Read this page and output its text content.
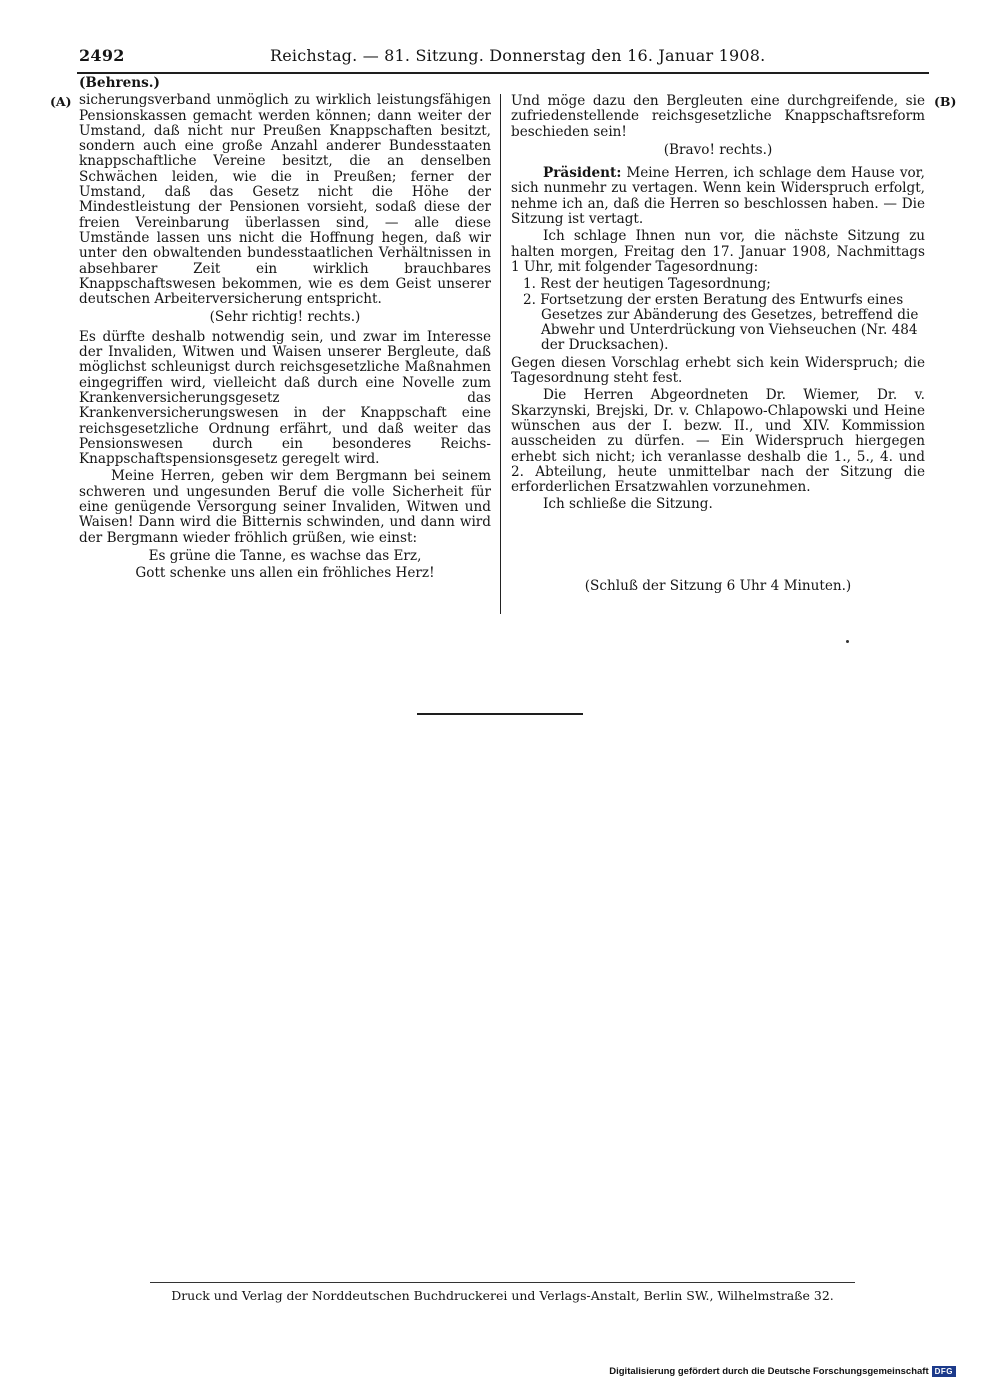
2492	Reichstag. — 81. Sitzung. Donnerstag den 16. Januar 1908.
(A)	(B)

(Behrens.)

sicherungsverband unmöglich zu wirklich leistungsfähigen Pensionskassen gemacht werden können; dann weiter der Umstand, daß nicht nur Preußen Knappschaften besitzt, sondern auch eine große Anzahl anderer Bundesstaaten knappschaftliche Vereine besitzt, die an denselben Schwächen leiden, wie die in Preußen; ferner der Umstand, daß das Gesetz nicht die Höhe der Mindestleistung der Pensionen vorsieht, sodaß diese der freien Vereinbarung überlassen sind, — alle diese Umstände lassen uns nicht die Hoffnung hegen, daß wir unter den obwaltenden bundesstaatlichen Verhältnissen in absehbarer Zeit ein wirklich brauchbares Knappschaftswesen bekommen, wie es dem Geist unserer deutschen Arbeiterversicherung entspricht.

(Sehr richtig! rechts.)

Es dürfte deshalb notwendig sein, und zwar im Interesse der Invaliden, Witwen und Waisen unserer Bergleute, daß möglichst schleunigst durch reichsgesetzliche Maßnahmen eingegriffen wird, vielleicht daß durch eine Novelle zum Krankenversicherungsgesetz das Krankenversicherungswesen in der Knappschaft eine reichsgesetzliche Ordnung erfährt, und daß weiter das Pensionswesen durch ein besonderes Reichs-Knappschaftspensionsgesetz geregelt wird.

Meine Herren, geben wir dem Bergmann bei seinem schweren und ungesunden Beruf die volle Sicherheit für eine genügende Versorgung seiner Invaliden, Witwen und Waisen! Dann wird die Bitternis schwinden, und dann wird der Bergmann wieder fröhlich grüßen, wie einst:

Es grüne die Tanne, es wachse das Erz,

Gott schenke uns allen ein fröhliches Herz!

Und möge dazu den Bergleuten eine durchgreifende, sie zufriedenstellende reichsgesetzliche Knappschaftsreform beschieden sein!

(Bravo! rechts.)

Präsident: Meine Herren, ich schlage dem Hause vor, sich nunmehr zu vertagen. Wenn kein Widerspruch erfolgt, nehme ich an, daß die Herren so beschlossen haben. — Die Sitzung ist vertagt.

Ich schlage Ihnen nun vor, die nächste Sitzung zu halten morgen, Freitag den 17. Januar 1908, Nachmittags 1 Uhr, mit folgender Tagesordnung:

1. Rest der heutigen Tagesordnung;
2. Fortsetzung der ersten Beratung des Entwurfs eines Gesetzes zur Abänderung des Gesetzes, betreffend die Abwehr und Unterdrückung von Viehseuchen (Nr. 484 der Drucksachen).

Gegen diesen Vorschlag erhebt sich kein Widerspruch; die Tagesordnung steht fest.

Die Herren Abgeordneten Dr. Wiemer, Dr. v. Skarzynski, Brejski, Dr. v. Chlapowo-Chlapowski und Heine wünschen aus der I. bezw. II., und XIV. Kommission ausscheiden zu dürfen. — Ein Widerspruch hiergegen erhebt sich nicht; ich veranlasse deshalb die 1., 5., 4. und 2. Abteilung, heute unmittelbar nach der Sitzung die erforderlichen Ersatzwahlen vorzunehmen.

Ich schließe die Sitzung.

(Schluß der Sitzung 6 Uhr 4 Minuten.)
Druck und Verlag der Norddeutschen Buchdruckerei und Verlags-Anstalt, Berlin SW., Wilhelmstraße 32.
Digitalisierung gefördert durch die Deutsche Forschungsgemeinschaft DFG
